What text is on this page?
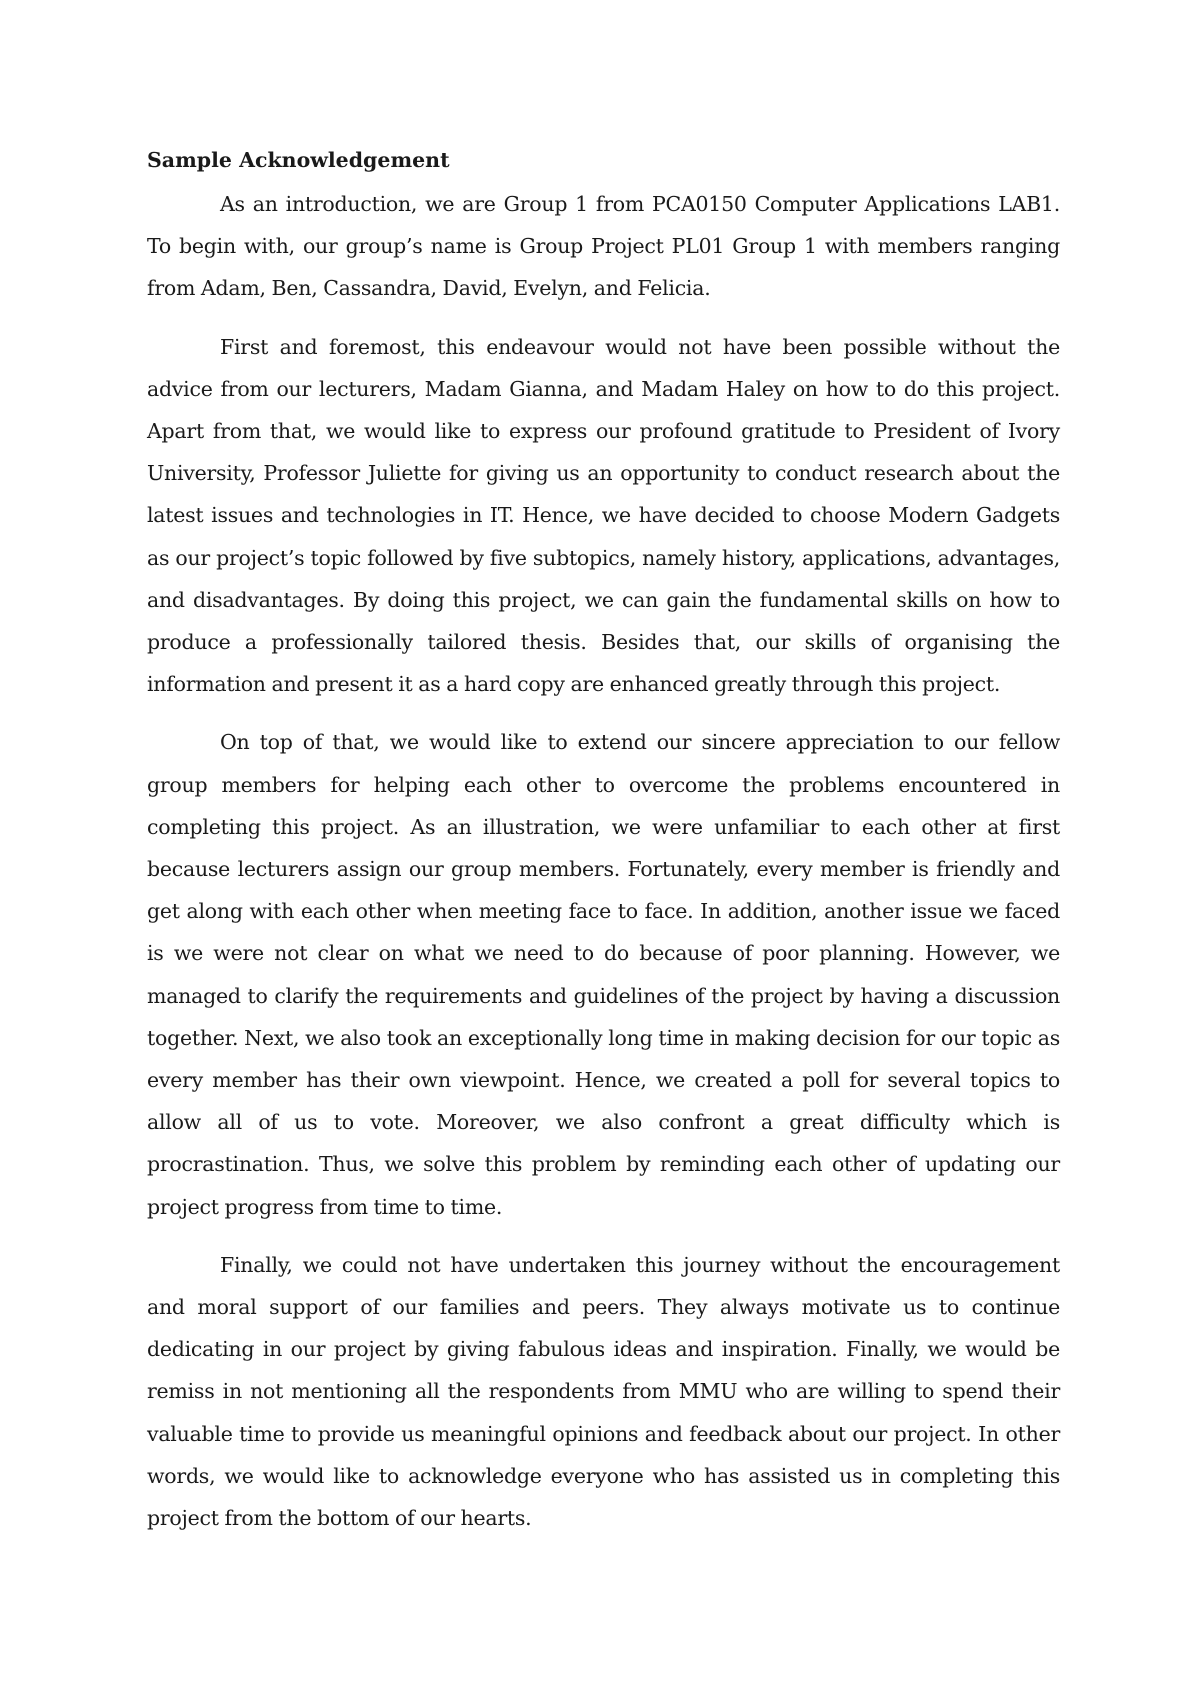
Sample Acknowledgement

As an introduction, we are Group 1 from PCA0150 Computer Applications LAB1. To begin with, our group’s name is Group Project PL01 Group 1 with members ranging from Adam, Ben, Cassandra, David, Evelyn, and Felicia.

First and foremost, this endeavour would not have been possible without the advice from our lecturers, Madam Gianna, and Madam Haley on how to do this project. Apart from that, we would like to express our profound gratitude to President of Ivory University, Professor Juliette for giving us an opportunity to conduct research about the latest issues and technologies in IT. Hence, we have decided to choose Modern Gadgets as our project’s topic followed by five subtopics, namely history, applications, advantages, and disadvantages. By doing this project, we can gain the fundamental skills on how to produce a professionally tailored thesis. Besides that, our skills of organising the information and present it as a hard copy are enhanced greatly through this project.

On top of that, we would like to extend our sincere appreciation to our fellow group members for helping each other to overcome the problems encountered in completing this project. As an illustration, we were unfamiliar to each other at first because lecturers assign our group members. Fortunately, every member is friendly and get along with each other when meeting face to face. In addition, another issue we faced is we were not clear on what we need to do because of poor planning. However, we managed to clarify the requirements and guidelines of the project by having a discussion together. Next, we also took an exceptionally long time in making decision for our topic as every member has their own viewpoint. Hence, we created a poll for several topics to allow all of us to vote. Moreover, we also confront a great difficulty which is procrastination. Thus, we solve this problem by reminding each other of updating our project progress from time to time.

Finally, we could not have undertaken this journey without the encouragement and moral support of our families and peers. They always motivate us to continue dedicating in our project by giving fabulous ideas and inspiration. Finally, we would be remiss in not mentioning all the respondents from MMU who are willing to spend their valuable time to provide us meaningful opinions and feedback about our project. In other words, we would like to acknowledge everyone who has assisted us in completing this project from the bottom of our hearts.
